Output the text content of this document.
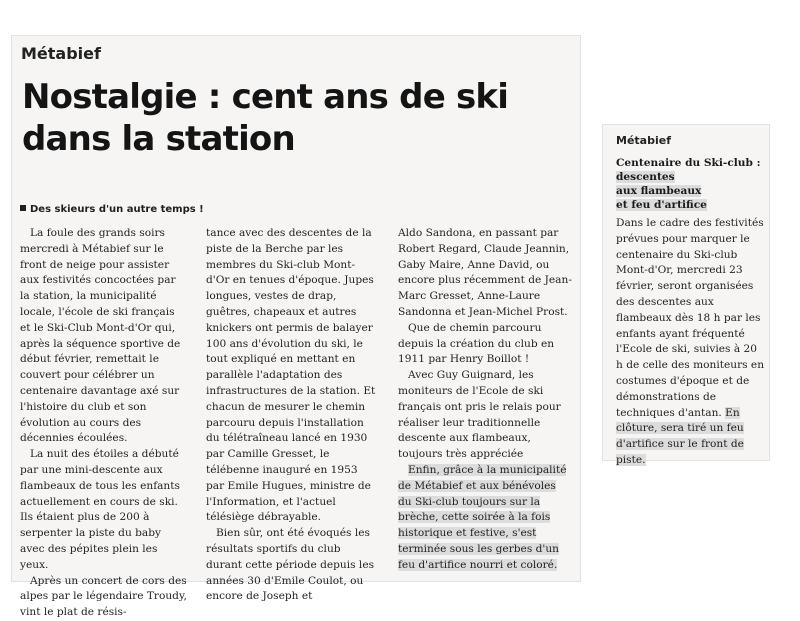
Métabief
Nostalgie : cent ans de ski dans la station
Des skieurs d'un autre temps !

La foule des grands soirs mercredi à Métabief sur le front de neige pour assister aux festivités concoctées par la station, la municipalité locale, l'école de ski français et le Ski-Club Mont-d'Or qui, après la séquence sportive de début février, remettait le couvert pour célébrer un centenaire davantage axé sur l'histoire du club et son évolution au cours des décennies écoulées.

La nuit des étoiles a débuté par une mini-descente aux flambeaux de tous les enfants actuellement en cours de ski. Ils étaient plus de 200 à serpenter la piste du baby avec des pépites plein les yeux.

Après un concert de cors des alpes par le légendaire Troudy, vint le plat de résis-

tance avec des descentes de la piste de la Berche par les membres du Ski-club Mont-d'Or en tenues d'époque. Jupes longues, vestes de drap, guêtres, chapeaux et autres knickers ont permis de balayer 100 ans d'évolution du ski, le tout expliqué en mettant en parallèle l'adaptation des infrastructures de la station. Et chacun de mesurer le chemin parcouru depuis l'installation du télétraîneau lancé en 1930 par Camille Gresset, le télébenne inauguré en 1953 par Emile Hugues, ministre de l'Information, et l'actuel télésiège débrayable.

Bien sûr, ont été évoqués les résultats sportifs du club durant cette période depuis les années 30 d'Emile Coulot, ou encore de Joseph et

Aldo Sandona, en passant par Robert Regard, Claude Jeannin, Gaby Maire, Anne David, ou encore plus récemment de Jean-Marc Gresset, Anne-Laure Sandonna et Jean-Michel Prost.

Que de chemin parcouru depuis la création du club en 1911 par Henry Boillot !

Avec Guy Guignard, les moniteurs de l'Ecole de ski français ont pris le relais pour réaliser leur traditionnelle descente aux flambeaux, toujours très appréciée

Enfin, grâce à la municipalité de Métabief et aux bénévoles du Ski-club toujours sur la brèche, cette soirée à la fois historique et festive, s'est terminée sous les gerbes d'un feu d'artifice nourri et coloré.

Métabief
Centenaire du Ski-club :
descentes
aux flambeaux
et feu d'artifice
Dans le cadre des festivités prévues pour marquer le centenaire du Ski-club Mont-d'Or, mercredi 23 février, seront organisées des descentes aux flambeaux dès 18 h par les enfants ayant fréquenté l'Ecole de ski, suivies à 20 h de celle des moniteurs en costumes d'époque et de démonstrations de techniques d'antan. En clôture, sera tiré un feu d'artifice sur le front de piste.
